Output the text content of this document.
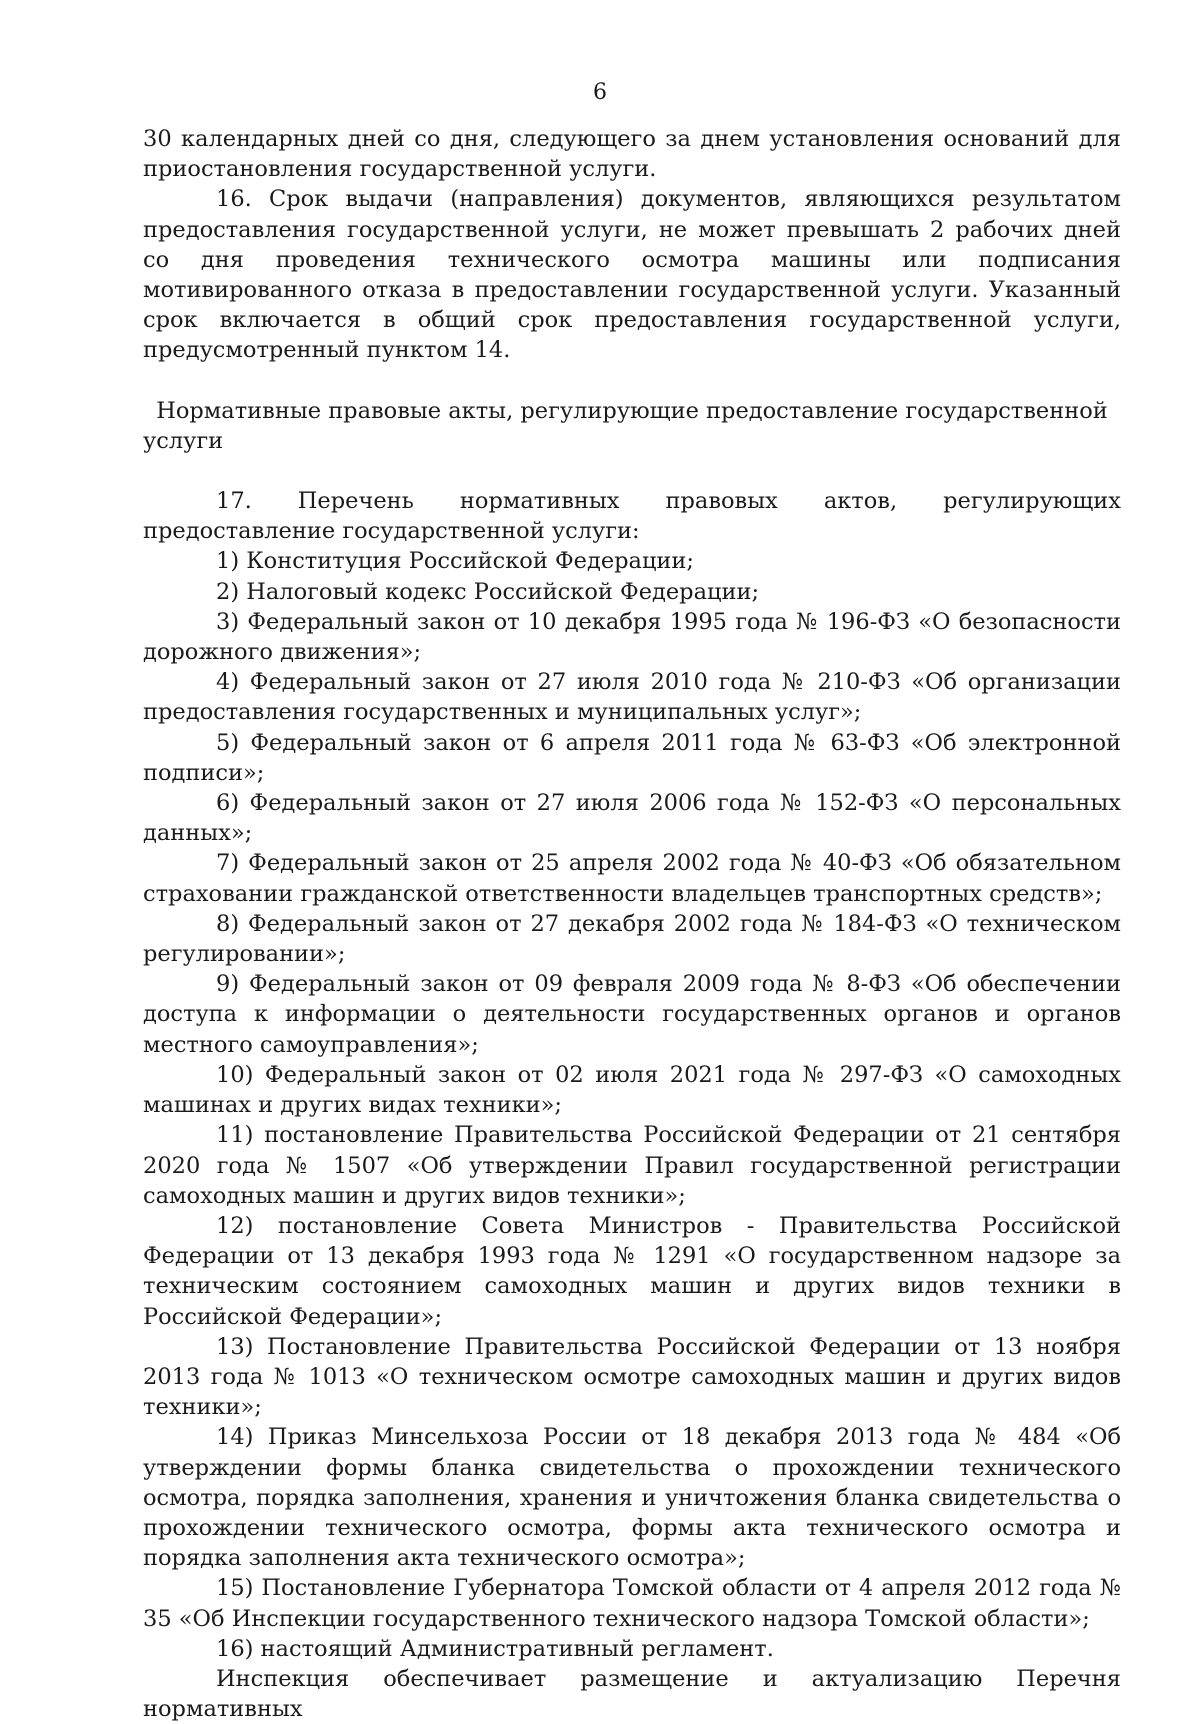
6

30 календарных дней со дня, следующего за днем установления оснований для приостановления государственной услуги.

16. Срок выдачи (направления) документов, являющихся результатом предоставления государственной услуги, не может превышать 2 рабочих дней со дня проведения технического осмотра машины или подписания мотивированного отказа в предоставлении государственной услуги. Указанный срок включается в общий срок предоставления государственной услуги, предусмотренный пунктом 14.

Нормативные правовые акты, регулирующие предоставление государственной услуги

17. Перечень нормативных правовых актов, регулирующих предоставление государственной услуги:

1) Конституция Российской Федерации;

2) Налоговый кодекс Российской Федерации;

3) Федеральный закон от 10 декабря 1995 года № 196-ФЗ «О безопасности дорожного движения»;

4) Федеральный закон от 27 июля 2010 года № 210-ФЗ «Об организации предоставления государственных и муниципальных услуг»;

5) Федеральный закон от 6 апреля 2011 года № 63-ФЗ «Об электронной подписи»;

6) Федеральный закон от 27 июля 2006 года № 152-ФЗ «О персональных данных»;

7) Федеральный закон от 25 апреля 2002 года № 40-ФЗ «Об обязательном страховании гражданской ответственности владельцев транспортных средств»;

8) Федеральный закон от 27 декабря 2002 года № 184-ФЗ «О техническом регулировании»;

9) Федеральный закон от 09 февраля 2009 года № 8-ФЗ «Об обеспечении доступа к информации о деятельности государственных органов и органов местного самоуправления»;

10) Федеральный закон от 02 июля 2021 года № 297-ФЗ «О самоходных машинах и других видах техники»;

11) постановление Правительства Российской Федерации от 21 сентября 2020 года № 1507 «Об утверждении Правил государственной регистрации самоходных машин и других видов техники»;

12) постановление Совета Министров - Правительства Российской Федерации от 13 декабря 1993 года № 1291 «О государственном надзоре за техническим состоянием самоходных машин и других видов техники в Российской Федерации»;

13) Постановление Правительства Российской Федерации от 13 ноября 2013 года № 1013 «О техническом осмотре самоходных машин и других видов техники»;

14) Приказ Минсельхоза России от 18 декабря 2013 года № 484 «Об утверждении формы бланка свидетельства о прохождении технического осмотра, порядка заполнения, хранения и уничтожения бланка свидетельства о прохождении технического осмотра, формы акта технического осмотра и порядка заполнения акта технического осмотра»;

15) Постановление Губернатора Томской области от 4 апреля 2012 года № 35 «Об Инспекции государственного технического надзора Томской области»;

16) настоящий Административный регламент.

Инспекция обеспечивает размещение и актуализацию Перечня нормативных
